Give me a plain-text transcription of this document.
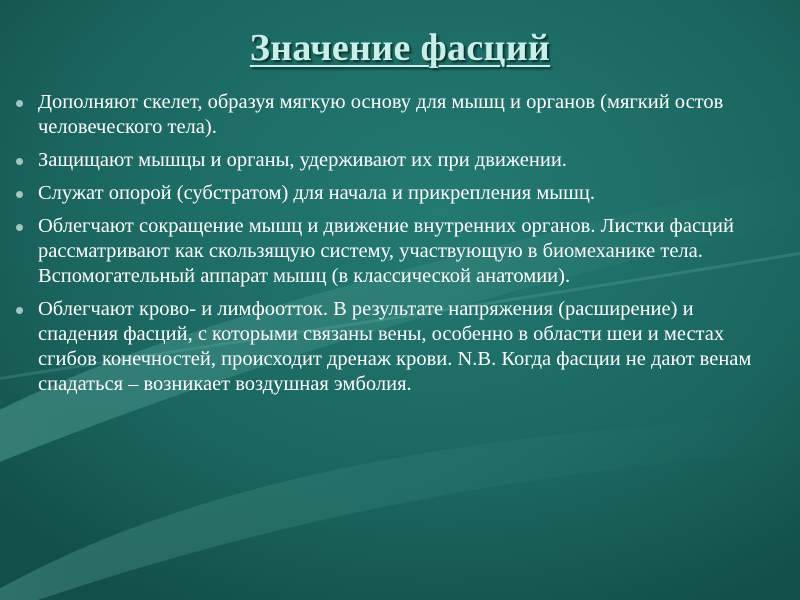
Значение фасций
Дополняют скелет, образуя мягкую основу для мышц и органов (мягкий остов человеческого тела).
Защищают мышцы и органы, удерживают их при движении.
Служат опорой (субстратом) для начала и прикрепления мышц.
Облегчают сокращение мышц и движение внутренних органов. Листки фасций рассматривают как скользящую систему, участвующую в биомеханике тела. Вспомогательный аппарат мышц (в классической анатомии).
Облегчают крово- и лимфоотток. В результате напряжения (расширение) и спадения фасций, с которыми связаны вены, особенно в области шеи и местах сгибов конечностей, происходит дренаж крови. N.B. Когда фасции не дают венам спадаться – возникает воздушная эмболия.
